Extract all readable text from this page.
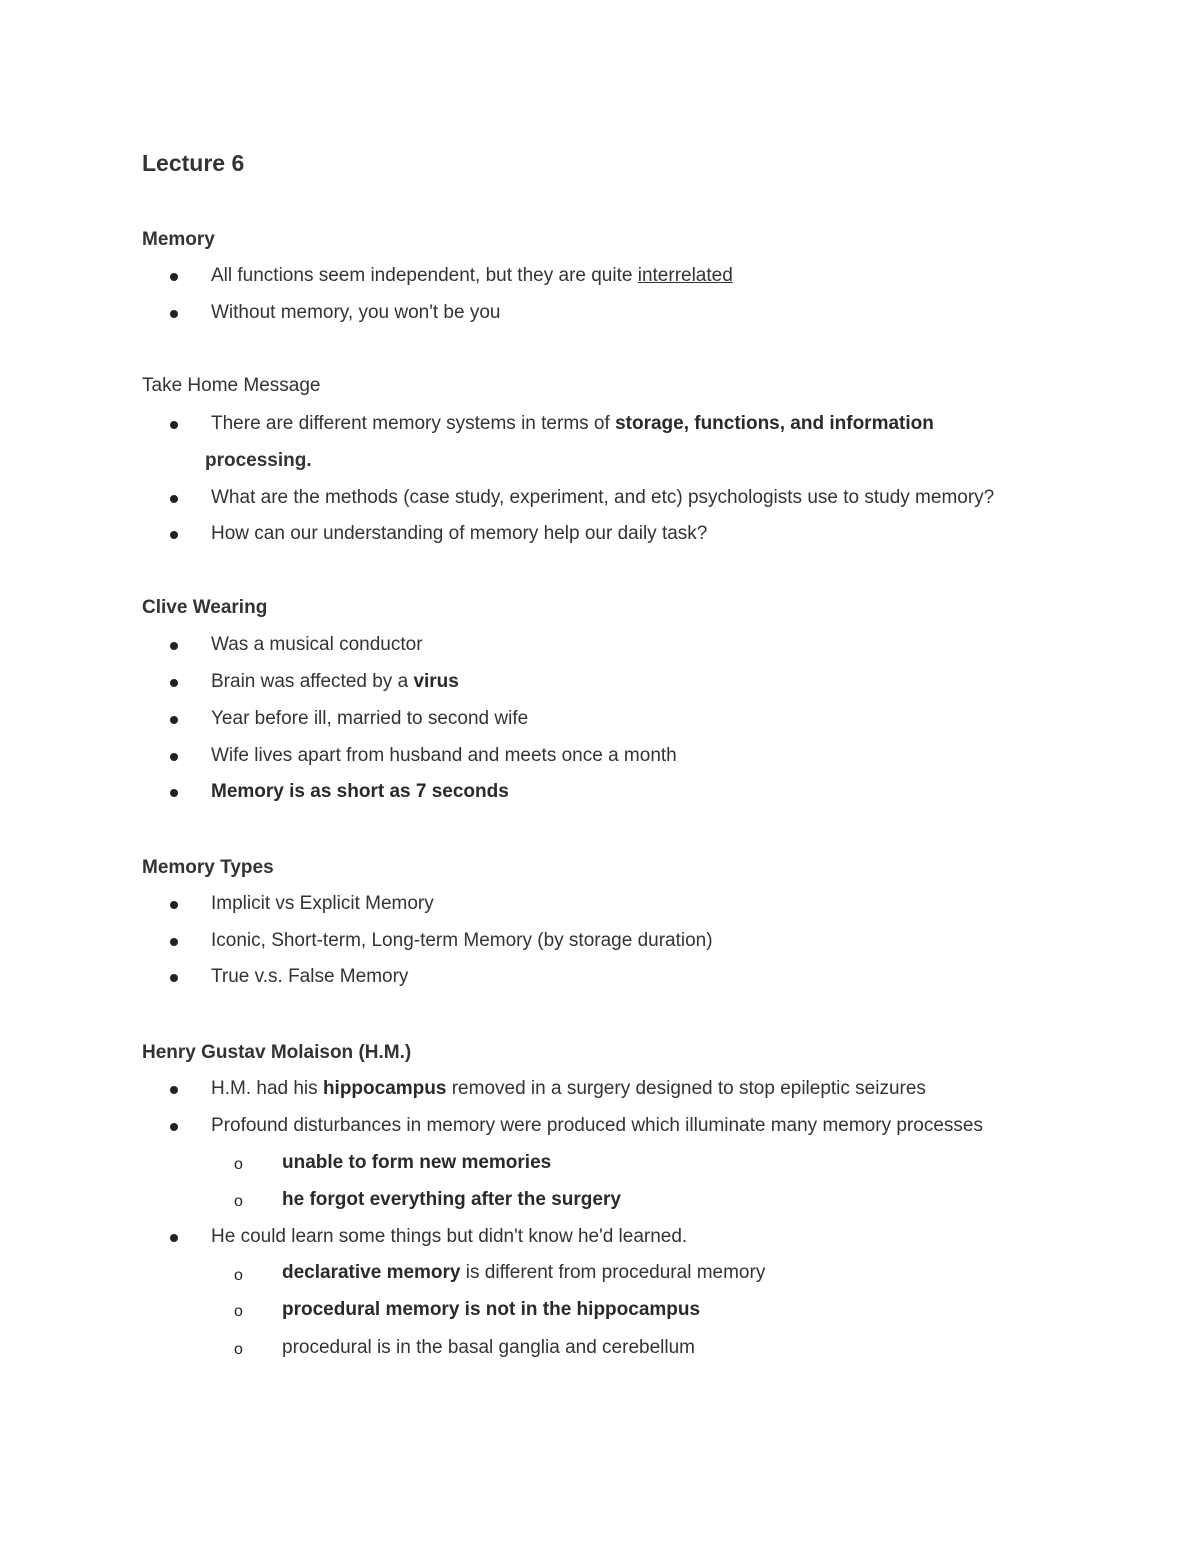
Lecture 6
Memory
All functions seem independent, but they are quite interrelated
Without memory, you won't be you
Take Home Message
There are different memory systems in terms of storage, functions, and information
processing.
What are the methods (case study, experiment, and etc) psychologists use to study memory?
How can our understanding of memory help our daily task?
Clive Wearing
Was a musical conductor
Brain was affected by a virus
Year before ill, married to second wife
Wife lives apart from husband and meets once a month
Memory is as short as 7 seconds
Memory Types
Implicit vs Explicit Memory
Iconic, Short-term, Long-term Memory (by storage duration)
True v.s. False Memory
Henry Gustav Molaison (H.M.)
H.M. had his hippocampus removed in a surgery designed to stop epileptic seizures
Profound disturbances in memory were produced which illuminate many memory processes
o unable to form new memories
o he forgot everything after the surgery
He could learn some things but didn't know he'd learned.
o declarative memory is different from procedural memory
o procedural memory is not in the hippocampus
o procedural is in the basal ganglia and cerebellum
